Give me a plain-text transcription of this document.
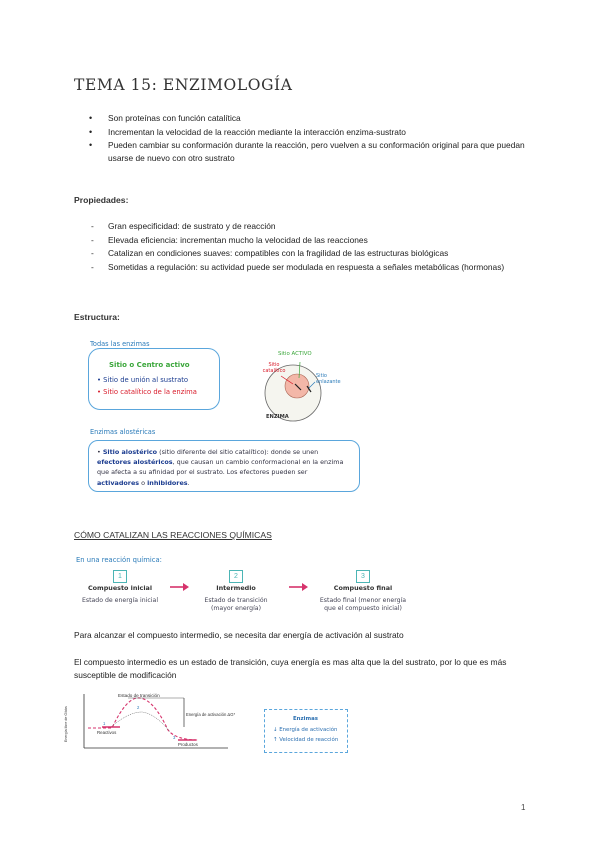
TEMA 15: ENZIMOLOGÍA
• Son proteínas con función catalítica
• Incrementan la velocidad de la reacción mediante la interacción enzima-sustrato
• Pueden cambiar su conformación durante la reacción, pero vuelven a su conformación original para que puedan usarse de nuevo con otro sustrato
Propiedades:
- Gran especificidad: de sustrato y de reacción
- Elevada eficiencia: incrementan mucho la velocidad de las reacciones
- Catalizan en condiciones suaves: compatibles con la fragilidad de las estructuras biológicas
- Sometidas a regulación: su actividad puede ser modulada en respuesta a señales metabólicas (hormonas)
Estructura:
Todas las enzimas
Sitio o Centro activo
• Sitio de unión al sustrato
• Sitio catalítico de la enzima
Sitio ACTIVO
Sitio catalítico
Sitio enlazante
ENZIMA
Enzimas alostéricas
• Sitio alostérico (sitio diferente del sitio catalítico): donde se unen efectores alostéricos, que causan un cambio conformacional en la enzima que afecta a su afinidad por el sustrato. Los efectores pueden ser activadores o inhibidores.
CÓMO CATALIZAN LAS REACCIONES QUÍMICAS
En una reacción química:
1
Compuesto inicial
Estado de energía inicial
2
Intermedio
Estado de transición (mayor energía)
3
Compuesto final
Estado final (menor energía que el compuesto inicial)
Para alcanzar el compuesto intermedio, se necesita dar energía de activación al sustrato
El compuesto intermedio es un estado de transición, cuya energía es mas alta que la del sustrato, por lo que es más susceptible de modificación
Energía libre de Gibbs
Estado de transición
Energía de activación ΔG*
Reactivos
Productos
1
2
3
Enzimas
↓ Energía de activación
↑ Velocidad de reacción
1
